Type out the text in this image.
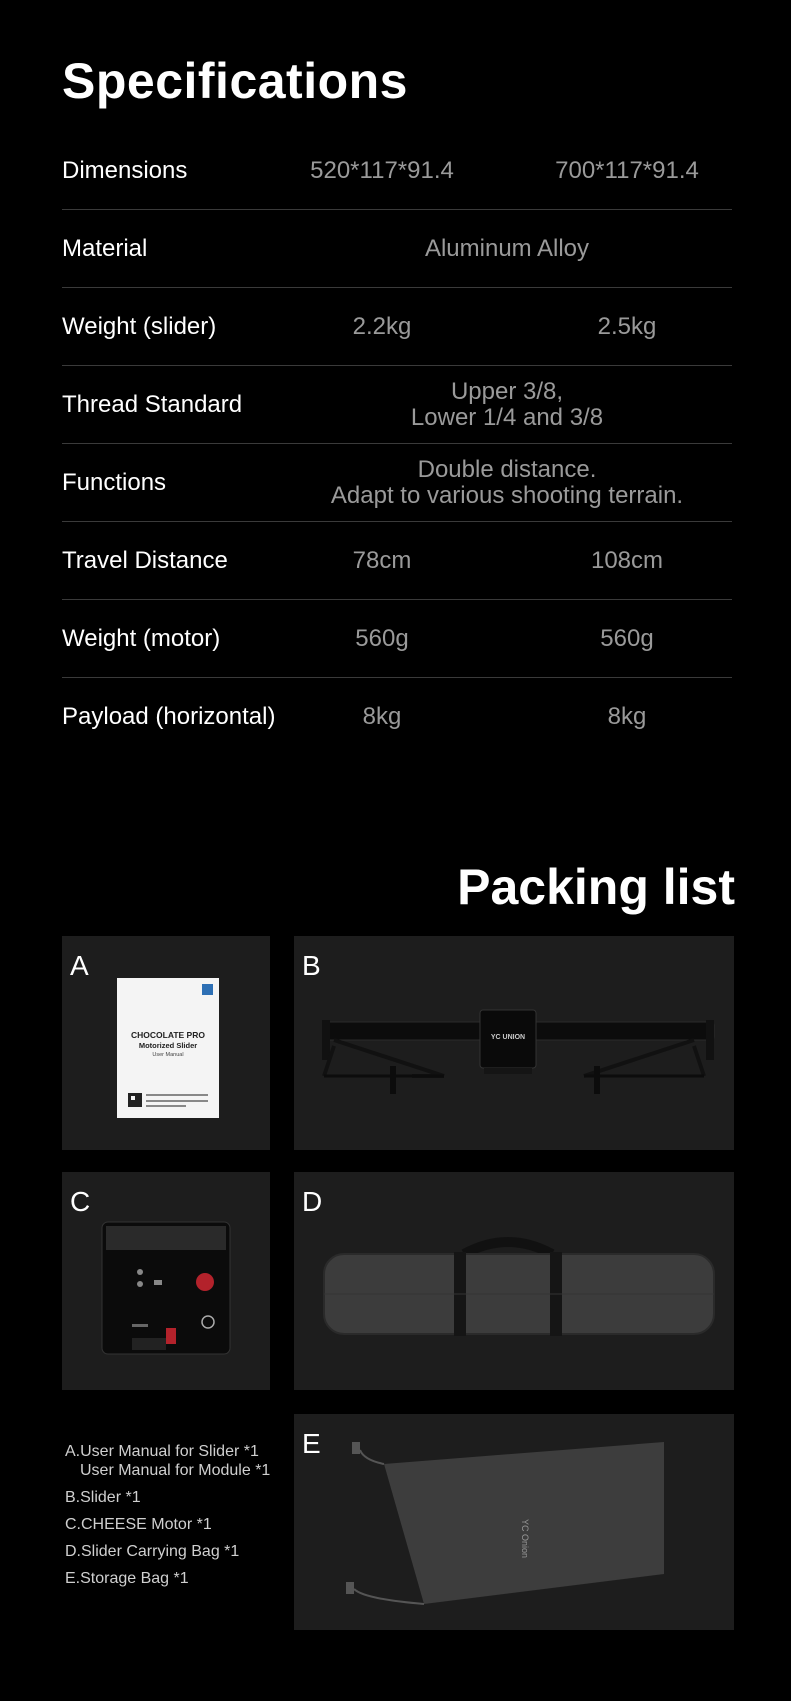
Specifications
Dimensions	520*117*91.4	700*117*91.4
Material	Aluminum Alloy
Weight (slider)	2.2kg	2.5kg
Thread Standard	Upper 3/8,
Lower 1/4 and 3/8
Functions	Double distance.
Adapt to various shooting terrain.
Travel Distance	78cm	108cm
Weight (motor)	560g	560g
Payload (horizontal)	8kg	8kg
Packing list
CHOCOLATE PRO
Motorized Slider
User Manual
A
YC UNION
B
C	D
YC Onion
E
A.User Manual for Slider *1
User Manual for Module *1
B.Slider *1
C.CHEESE Motor *1
D.Slider Carrying Bag *1
E.Storage Bag *1
